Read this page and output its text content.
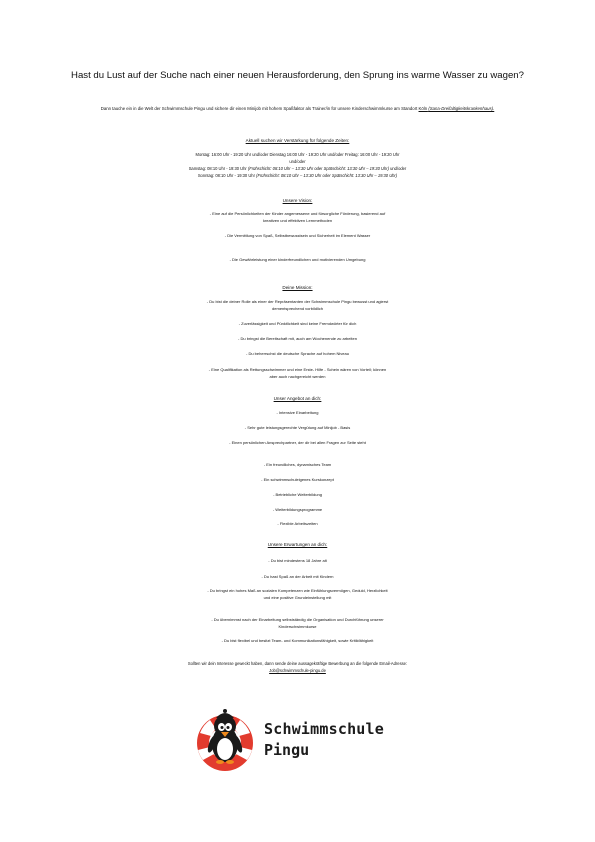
Hast du Lust auf der Suche nach einer neuen Herausforderung, den Sprung ins warme Wasser zu wagen?
Dann tauche ein in die Welt der Schwimmschule Pingu und sichere dir einen Minijob mit hohem Spaßfaktor als Trainer/in für unsere Kinderschwimmkurse am Standort Köln (Sana-Dreifaltigkeitskrankenhaus).
Aktuell suchen wir Verstärkung für folgende Zeiten:
Montag: 16:00 Uhr - 19:20 Uhr und/oder Dienstag 16:00 Uhr - 19:20 Uhr und/oder Freitag: 16:00 Uhr - 19:20 Uhr
und/oder
Samstag: 08:10 Uhr - 19:30 Uhr (Frühschicht: 08:10 Uhr – 13:30 Uhr oder Spätschicht: 13:30 Uhr – 19:30 Uhr) und/oder
Sonntag: 08:10 Uhr - 19:30 Uhr (Frühschicht: 08:10 Uhr – 13:30 Uhr oder Spätschicht: 13:30 Uhr – 19:30 Uhr)
Unsere Vision:
- Eine auf die Persönlichkeiten der Kinder angemessene und fürsorgliche Förderung, basierend auf kreativen und effektiven Lernmethoden
- Die Vermittlung von Spaß, Selbstbewusstsein und Sicherheit im Element Wasser
- Die Gewährleistung einer kinderfreundlichen und motivierenden Umgebung
Deine Mission:
- Du bist die deiner Rolle als einer der Repräsentanten der Schwimmschule Pingu bewusst und agierst dementsprechend vorbildlich
- Zuverlässigkeit und Pünktlichkeit sind keine Fremdwörter für dich
- Du bringst die Bereitschaft mit, auch am Wochenende zu arbeiten
- Du beherrschst die deutsche Sprache auf hohem Niveau
- Eine Qualifikation als Rettungsschwimmer und eine Erste- Hilfe - Schein wären von Vorteil; können aber auch nachgereicht werden
Unser Angebot an dich:
- Intensive Einarbeitung
- Sehr gute leistungsgerechte Vergütung auf Minijob - Basis
- Einen persönlichen Ansprechpartner, der dir bei allen Fragen zur Seite steht
- Ein freundliches, dynamisches Team
- Ein schwimmschuleigenes Kurskonzept
- Betriebliche Weiterbildung
- Weiterbildungsprogramme
- Flexible Arbeitszeiten
Unsere Erwartungen an dich:
- Du bist mindestens 18 Jahre alt
- Du hast Spaß an der Arbeit mit Kindern
- Du bringst ein hohes Maß an sozialen Kompetenzen wie Einfühlungsvermögen, Geduld, Herzlichkeit und eine positive Grundeinstellung mit
- Du übernimmst nach der Einarbeitung selbstständig die Organisation und Durchführung unserer Kinderschwimmkurse
- Du bist flexibel und besitzt Team- und Kommunikationsfähigkeit, sowie Kritikfähigkeit
Sollten wir dein Interesse geweckt haben, dann sende deine aussagekräftige Bewerbung an die folgende Email-Adresse:
Job@schwimmschule-pingu.de
Schwimmschule
Pingu
